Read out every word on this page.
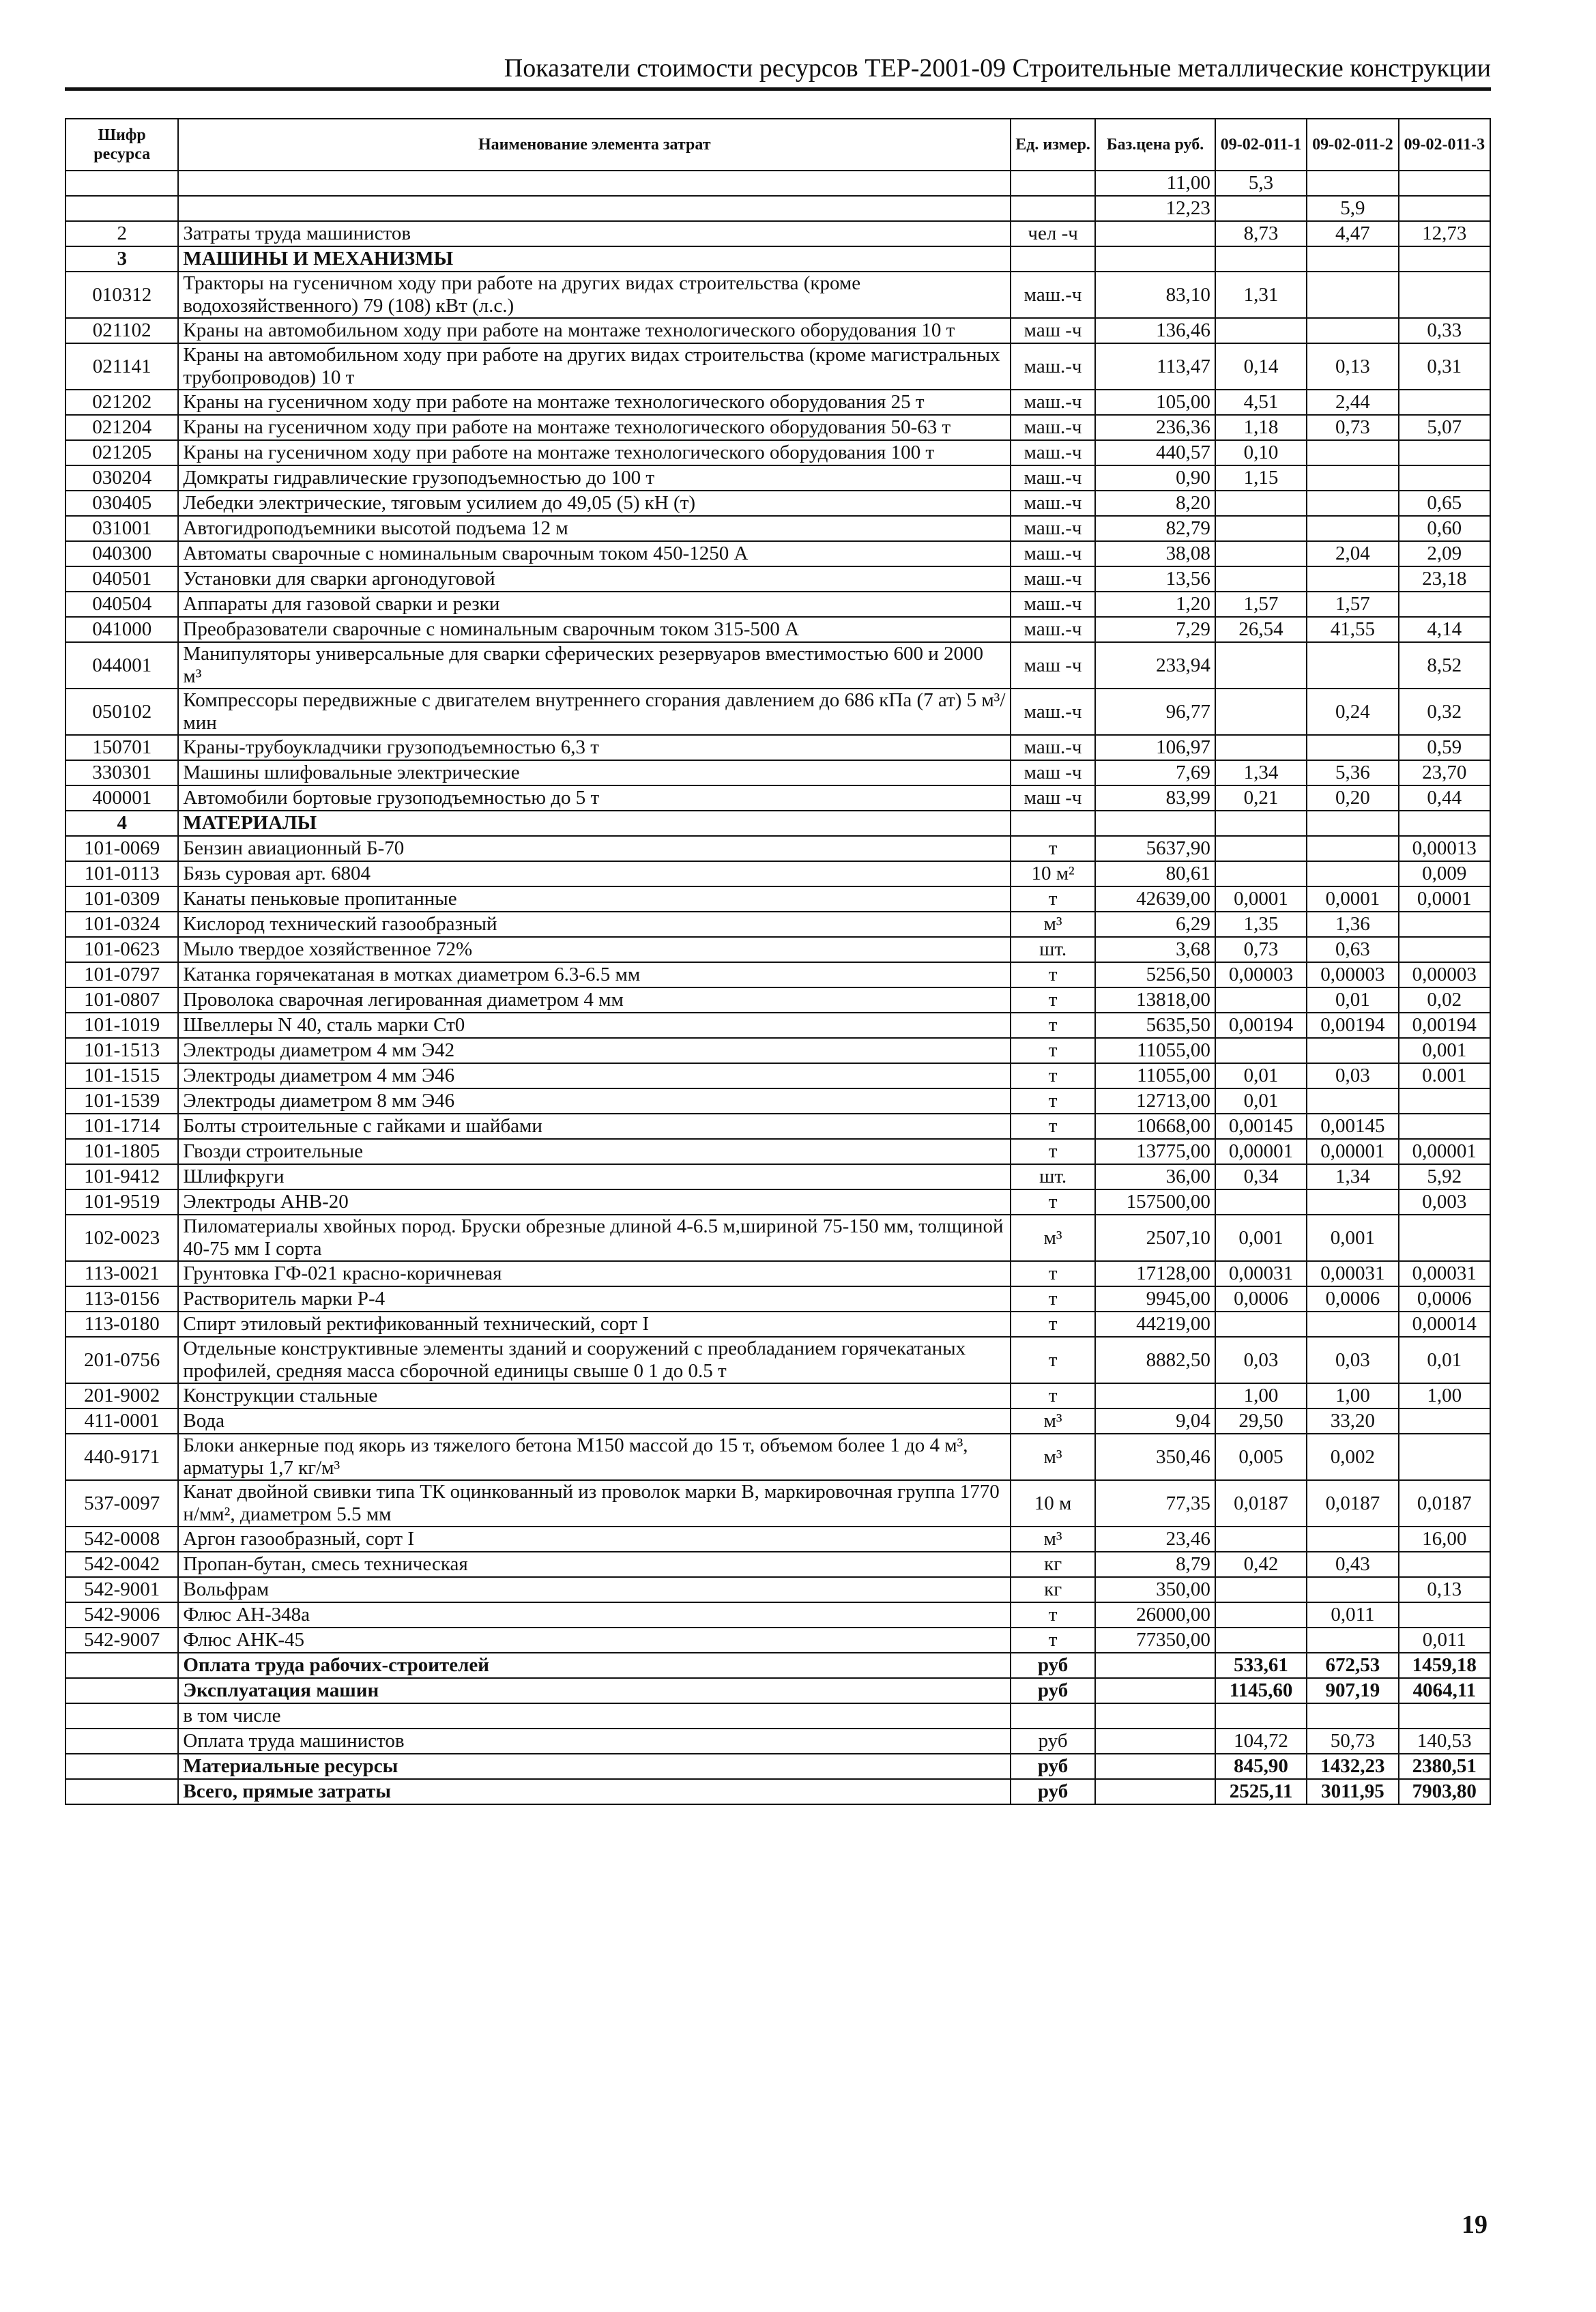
Показатели стоимости ресурсов ТЕР-2001-09 Строительные металлические конструкции
Шифр ресурса	Наименование элемента затрат	Ед. измер.	Баз.цена руб.	09-02-011-1	09-02-011-2	09-02-011-3
			11,00	5,3		
			12,23		5,9	
2	Затраты труда машинистов	чел -ч		8,73	4,47	12,73
3	МАШИНЫ И МЕХАНИЗМЫ					
010312	Тракторы на гусеничном ходу при работе на других видах строительства (кроме водохозяйственного) 79 (108) кВт (л.с.)	маш.-ч	83,10	1,31		
021102	Краны на автомобильном ходу при работе на монтаже технологического оборудования 10 т	маш -ч	136,46			0,33
021141	Краны на автомобильном ходу при работе на других видах строительства (кроме магистральных трубопроводов) 10 т	маш.-ч	113,47	0,14	0,13	0,31
021202	Краны на гусеничном ходу при работе на монтаже технологического оборудования 25 т	маш.-ч	105,00	4,51	2,44	
021204	Краны на гусеничном ходу при работе на монтаже технологического оборудования 50-63 т	маш.-ч	236,36	1,18	0,73	5,07
021205	Краны на гусеничном ходу при работе на монтаже технологического оборудования 100 т	маш.-ч	440,57	0,10		
030204	Домкраты гидравлические грузоподъемностью до 100 т	маш.-ч	0,90	1,15		
030405	Лебедки электрические, тяговым усилием до 49,05 (5) кН (т)	маш.-ч	8,20			0,65
031001	Автогидроподъемники высотой подъема 12 м	маш.-ч	82,79			0,60
040300	Автоматы сварочные с номинальным сварочным током 450-1250 А	маш.-ч	38,08		2,04	2,09
040501	Установки для сварки аргонодуговой	маш.-ч	13,56			23,18
040504	Аппараты для газовой сварки и резки	маш.-ч	1,20	1,57	1,57	
041000	Преобразователи сварочные с номинальным сварочным током 315-500 А	маш.-ч	7,29	26,54	41,55	4,14
044001	Манипуляторы универсальные для сварки сферических резервуаров вместимостью 600 и 2000 м³	маш -ч	233,94			8,52
050102	Компрессоры передвижные с двигателем внутреннего сгорания давлением до 686 кПа (7 ат) 5 м³/мин	маш.-ч	96,77		0,24	0,32
150701	Краны-трубоукладчики грузоподъемностью 6,3 т	маш.-ч	106,97			0,59
330301	Машины шлифовальные электрические	маш -ч	7,69	1,34	5,36	23,70
400001	Автомобили бортовые грузоподъемностью до 5 т	маш -ч	83,99	0,21	0,20	0,44
4	МАТЕРИАЛЫ					
101-0069	Бензин авиационный Б-70	т	5637,90			0,00013
101-0113	Бязь суровая арт. 6804	10 м²	80,61			0,009
101-0309	Канаты пеньковые пропитанные	т	42639,00	0,0001	0,0001	0,0001
101-0324	Кислород технический газообразный	м³	6,29	1,35	1,36	
101-0623	Мыло твердое хозяйственное 72%	шт.	3,68	0,73	0,63	
101-0797	Катанка горячекатаная в мотках диаметром 6.3-6.5 мм	т	5256,50	0,00003	0,00003	0,00003
101-0807	Проволока сварочная легированная диаметром 4 мм	т	13818,00		0,01	0,02
101-1019	Швеллеры N 40, сталь марки Ст0	т	5635,50	0,00194	0,00194	0,00194
101-1513	Электроды диаметром 4 мм Э42	т	11055,00			0,001
101-1515	Электроды диаметром 4 мм Э46	т	11055,00	0,01	0,03	0.001
101-1539	Электроды диаметром 8 мм Э46	т	12713,00	0,01		
101-1714	Болты строительные с гайками и шайбами	т	10668,00	0,00145	0,00145	
101-1805	Гвозди строительные	т	13775,00	0,00001	0,00001	0,00001
101-9412	Шлифкруги	шт.	36,00	0,34	1,34	5,92
101-9519	Электроды АНВ-20	т	157500,00			0,003
102-0023	Пиломатериалы хвойных пород. Бруски обрезные длиной 4-6.5 м,шириной 75-150 мм, толщиной 40-75 мм I сорта	м³	2507,10	0,001	0,001	
113-0021	Грунтовка ГФ-021 красно-коричневая	т	17128,00	0,00031	0,00031	0,00031
113-0156	Растворитель марки Р-4	т	9945,00	0,0006	0,0006	0,0006
113-0180	Спирт этиловый ректификованный технический, сорт I	т	44219,00			0,00014
201-0756	Отдельные конструктивные элементы зданий и сооружений с преобладанием горячекатаных профилей, средняя масса сборочной единицы свыше 0 1 до 0.5 т	т	8882,50	0,03	0,03	0,01
201-9002	Конструкции стальные	т		1,00	1,00	1,00
411-0001	Вода	м³	9,04	29,50	33,20	
440-9171	Блоки анкерные под якорь из тяжелого бетона М150 массой до 15 т, объемом более 1 до 4 м³, арматуры 1,7 кг/м³	м³	350,46	0,005	0,002	
537-0097	Канат двойной свивки типа ТК оцинкованный из проволок марки В, маркировочная группа 1770 н/мм², диаметром 5.5 мм	10 м	77,35	0,0187	0,0187	0,0187
542-0008	Аргон газообразный, сорт I	м³	23,46			16,00
542-0042	Пропан-бутан, смесь техническая	кг	8,79	0,42	0,43	
542-9001	Вольфрам	кг	350,00			0,13
542-9006	Флюс АН-348а	т	26000,00		0,011	
542-9007	Флюс АНК-45	т	77350,00			0,011
	Оплата труда рабочих-строителей	руб		533,61	672,53	1459,18
	Эксплуатация машин	руб		1145,60	907,19	4064,11
	в том числе					
	Оплата труда машинистов	руб		104,72	50,73	140,53
	Материальные ресурсы	руб		845,90	1432,23	2380,51
	Всего, прямые затраты	руб		2525,11	3011,95	7903,80
19
